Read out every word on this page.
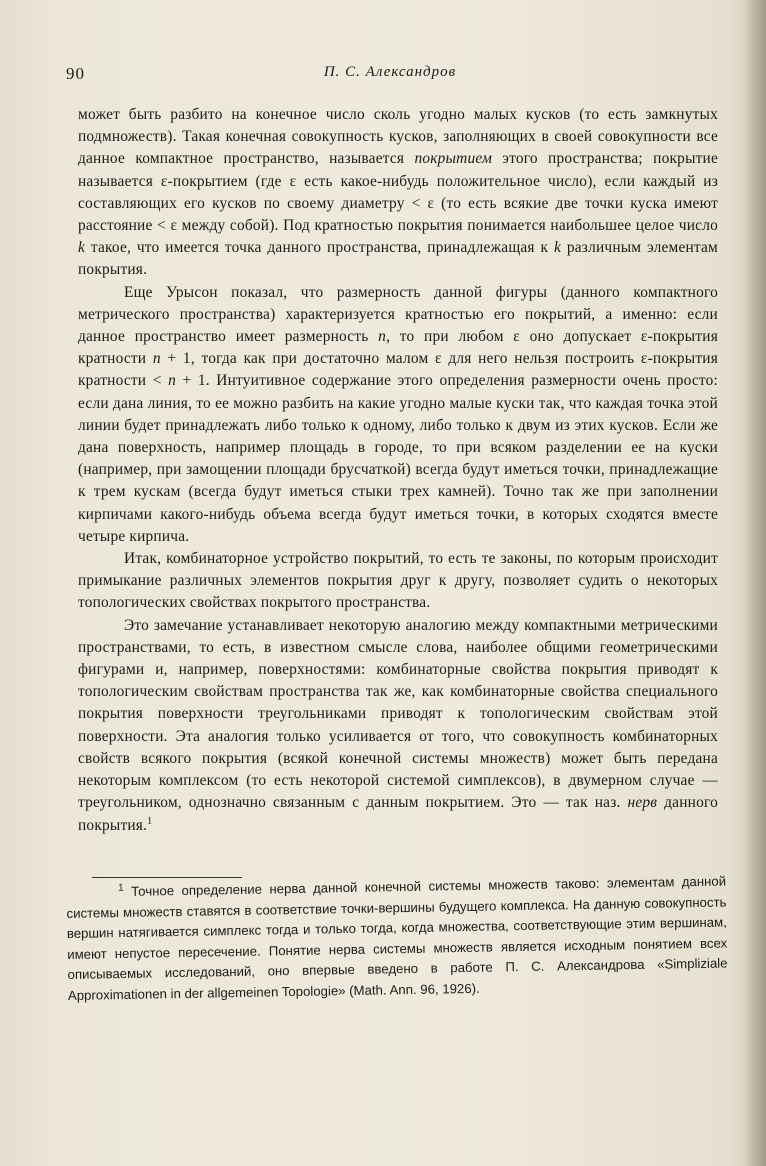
90	П. С. Александров

может быть разбито на конечное число сколь угодно малых кусков (то есть замкнутых подмножеств). Такая конечная совокупность кусков, заполняющих в своей совокупности все данное компактное пространство, называется покрытием этого пространства; покрытие называется ε-покрытием (где ε есть какое-нибудь положительное число), если каждый из составляющих его кусков по своему диаметру < ε (то есть всякие две точки куска имеют расстояние < ε между собой). Под кратностью покрытия понимается наибольшее целое число k такое, что имеется точка данного пространства, принадлежащая к k различным элементам покрытия.

Еще Урысон показал, что размерность данной фигуры (данного компактного метрического пространства) характеризуется кратностью его покрытий, а именно: если данное пространство имеет размерность n, то при любом ε оно допускает ε-покрытия кратности n + 1, тогда как при достаточно малом ε для него нельзя построить ε-покрытия кратности < n + 1. Интуитивное содержание этого определения размерности очень просто: если дана линия, то ее можно разбить на какие угодно малые куски так, что каждая точка этой линии будет принадлежать либо только к одному, либо только к двум из этих кусков. Если же дана поверхность, например площадь в городе, то при всяком разделении ее на куски (например, при замощении площади брусчаткой) всегда будут иметься точки, принадлежащие к трем кускам (всегда будут иметься стыки трех камней). Точно так же при заполнении кирпичами какого-нибудь объема всегда будут иметься точки, в которых сходятся вместе четыре кирпича.

Итак, комбинаторное устройство покрытий, то есть те законы, по которым происходит примыкание различных элементов покрытия друг к другу, позволяет судить о некоторых топологических свойствах покрытого пространства.

Это замечание устанавливает некоторую аналогию между компактными метрическими пространствами, то есть, в известном смысле слова, наиболее общими геометрическими фигурами и, например, поверхностями: комбинаторные свойства покрытия приводят к топологическим свойствам пространства так же, как комбинаторные свойства специального покрытия поверхности треугольниками приводят к топологическим свойствам этой поверхности. Эта аналогия только усиливается от того, что совокупность комбинаторных свойств всякого покрытия (всякой конечной системы множеств) может быть передана некоторым комплексом (то есть некоторой системой симплексов), в двумерном случае — треугольником, однозначно связанным с данным покрытием. Это — так наз. нерв данного покрытия.$^1$

$^1$ Точное определение нерва данной конечной системы множеств таково: элементам данной системы множеств ставятся в соответствие точки-вершины будущего комплекса. На данную совокупность вершин натягивается симплекс тогда и только тогда, когда множества, соответствующие этим вершинам, имеют непустое пересечение. Понятие нерва системы множеств является исходным понятием всех описываемых исследований, оно впервые введено в работе П. С. Александрова «Simpliziale Approximationen in der allgemeinen Topologie» (Math. Ann. 96, 1926).
